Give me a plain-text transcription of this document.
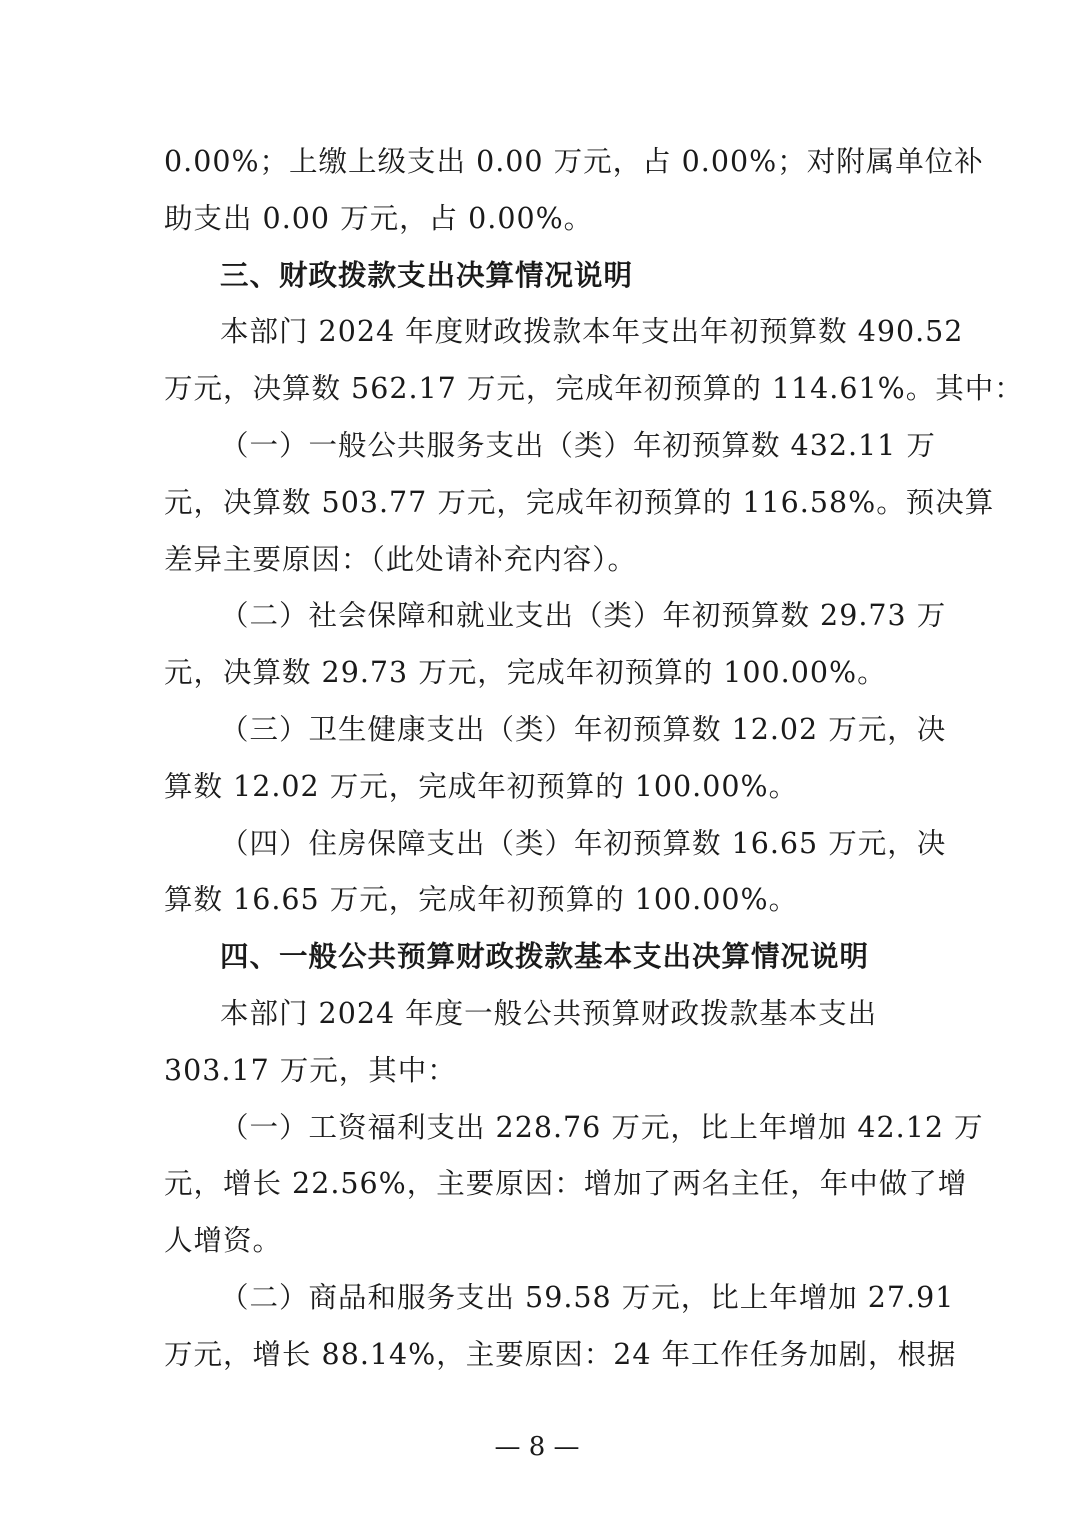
0.00%；上缴上级支出 0.00 万元，占 0.00%；对附属单位补
助支出 0.00 万元，占 0.00%。
三、财政拨款支出决算情况说明
本部门 2024 年度财政拨款本年支出年初预算数 490.52
万元，决算数 562.17 万元，完成年初预算的 114.61%。其中：
（一）一般公共服务支出（类）年初预算数 432.11 万
元，决算数 503.77 万元，完成年初预算的 116.58%。预决算
差异主要原因：（此处请补充内容）。
（二）社会保障和就业支出（类）年初预算数 29.73 万
元，决算数 29.73 万元，完成年初预算的 100.00%。
（三）卫生健康支出（类）年初预算数 12.02 万元，决
算数 12.02 万元，完成年初预算的 100.00%。
（四）住房保障支出（类）年初预算数 16.65 万元，决
算数 16.65 万元，完成年初预算的 100.00%。
四、一般公共预算财政拨款基本支出决算情况说明
本部门 2024 年度一般公共预算财政拨款基本支出
303.17 万元，其中：
（一）工资福利支出 228.76 万元，比上年增加 42.12 万
元，增长 22.56%，主要原因：增加了两名主任，年中做了增
人增资。
（二）商品和服务支出 59.58 万元，比上年增加 27.91
万元，增长 88.14%，主要原因：24 年工作任务加剧，根据
— 8 —
